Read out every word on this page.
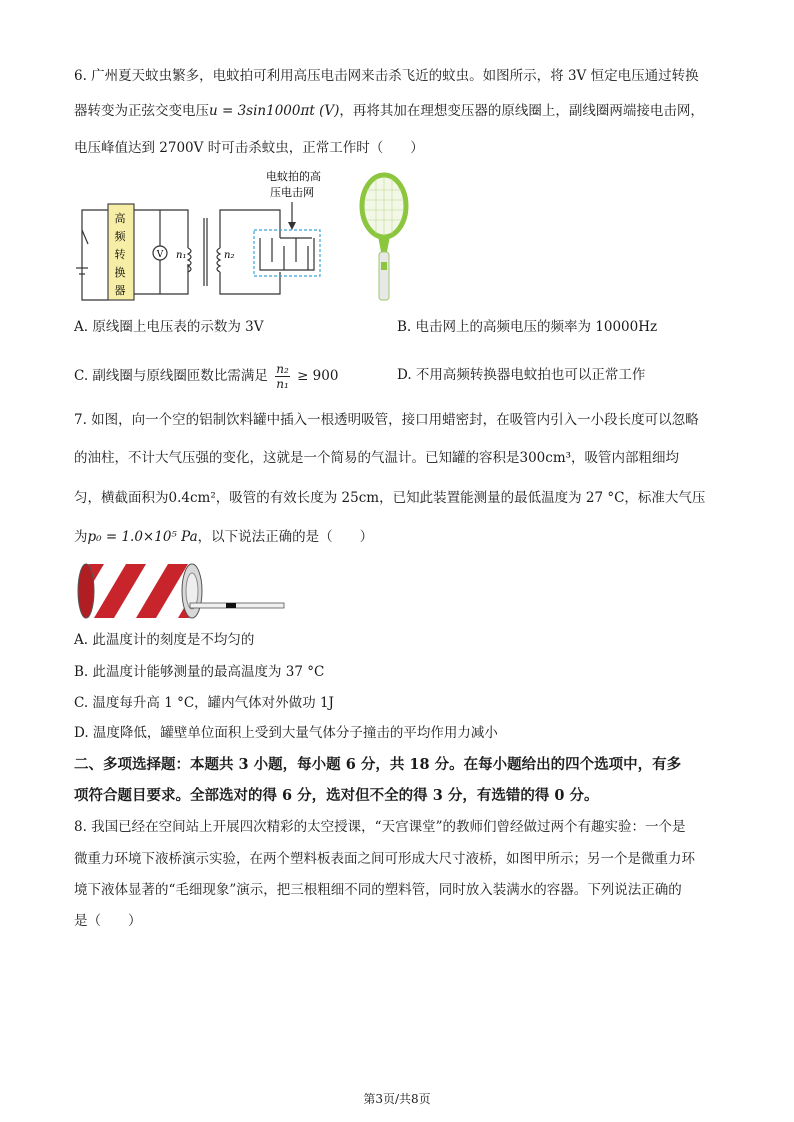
6. 广州夏天蚊虫繁多，电蚊拍可利用高压电击网来击杀飞近的蚊虫。如图所示，将 3V 恒定电压通过转换
器转变为正弦交变电压u = 3sin1000πt (V)，再将其加在理想变压器的原线圈上，副线圈两端接电击网，
电压峰值达到 2700V 时可击杀蚊虫，正常工作时（　　）
高
频
转
换
器
V n₁	n₂
电蚊拍的高
压电击网
A. 原线圈上电压表的示数为 3V	B. 电击网上的高频电压的频率为 10000Hz
C. 副线圈与原线圈匝数比需满足 $\frac{\text{n₂}}{\text{n₁}} \ge 900$	D. 不用高频转换器电蚊拍也可以正常工作
7. 如图，向一个空的铝制饮料罐中插入一根透明吸管，接口用蜡密封，在吸管内引入一小段长度可以忽略
的油柱，不计大气压强的变化，这就是一个简易的气温计。已知罐的容积是300cm³，吸管内部粗细均
匀，横截面积为0.4cm²，吸管的有效长度为 25cm，已知此装置能测量的最低温度为 27 °C，标准大气压
为p₀ = 1.0×10⁵ Pa，以下说法正确的是（　　）
A. 此温度计的刻度是不均匀的
B. 此温度计能够测量的最高温度为 37 °C
C. 温度每升高 1 °C，罐内气体对外做功 1J
D. 温度降低，罐壁单位面积上受到大量气体分子撞击的平均作用力减小
二、多项选择题：本题共 3 小题，每小题 6 分，共 18 分。在每小题给出的四个选项中，有多
项符合题目要求。全部选对的得 6 分，选对但不全的得 3 分，有选错的得 0 分。
8. 我国已经在空间站上开展四次精彩的太空授课，“天宫课堂”的教师们曾经做过两个有趣实验：一个是
微重力环境下液桥演示实验，在两个塑料板表面之间可形成大尺寸液桥，如图甲所示；另一个是微重力环
境下液体显著的“毛细现象”演示，把三根粗细不同的塑料管，同时放入装满水的容器。下列说法正确的
是（　　）
第3页/共8页
